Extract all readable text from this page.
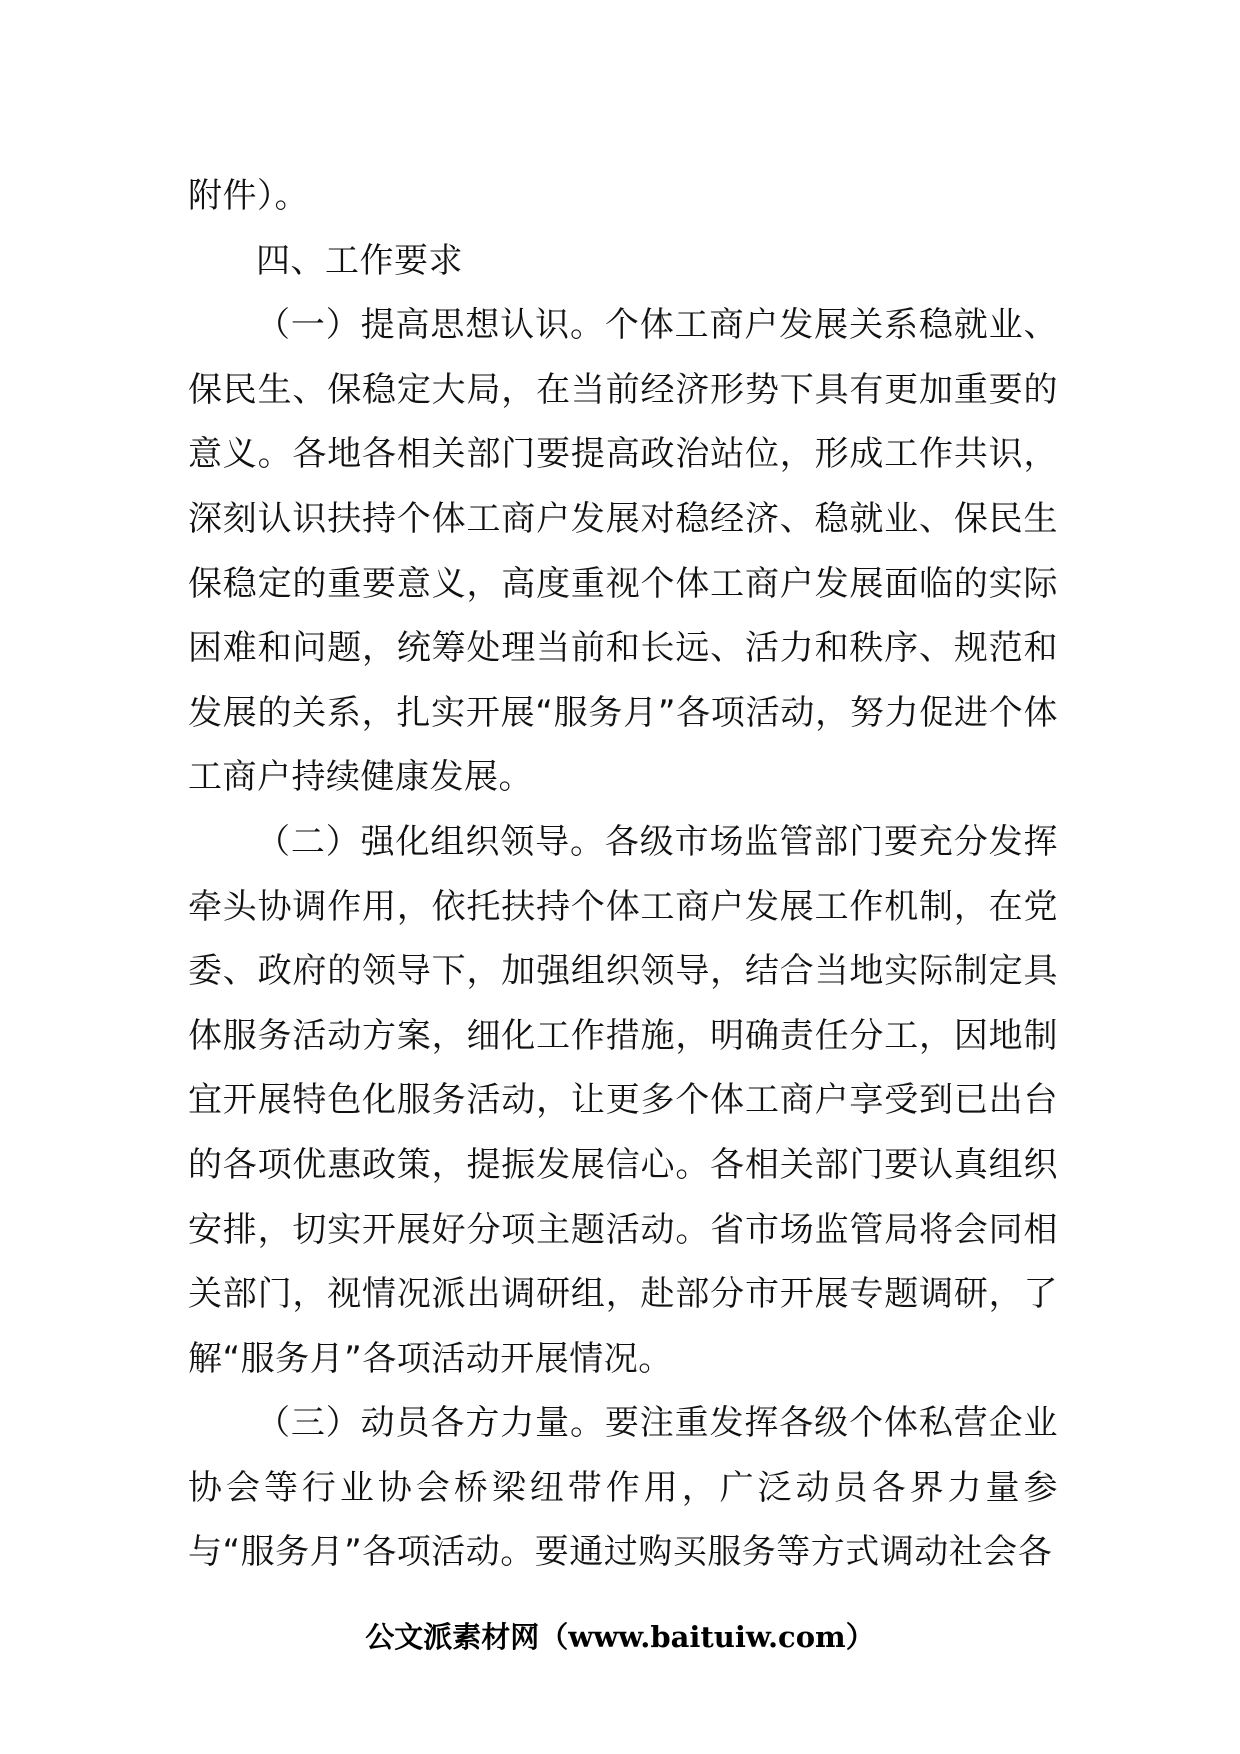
附件）。

四、工作要求

（一）提高思想认识。个体工商户发展关系稳就业、保民生、保稳定大局，在当前经济形势下具有更加重要的意义。各地各相关部门要提高政治站位，形成工作共识，深刻认识扶持个体工商户发展对稳经济、稳就业、保民生保稳定的重要意义，高度重视个体工商户发展面临的实际困难和问题，统筹处理当前和长远、活力和秩序、规范和发展的关系，扎实开展“服务月”各项活动，努力促进个体工商户持续健康发展。

（二）强化组织领导。各级市场监管部门要充分发挥牵头协调作用，依托扶持个体工商户发展工作机制，在党委、政府的领导下，加强组织领导，结合当地实际制定具体服务活动方案，细化工作措施，明确责任分工，因地制宜开展特色化服务活动，让更多个体工商户享受到已出台的各项优惠政策，提振发展信心。各相关部门要认真组织安排，切实开展好分项主题活动。省市场监管局将会同相关部门，视情况派出调研组，赴部分市开展专题调研，了解“服务月”各项活动开展情况。

（三）动员各方力量。要注重发挥各级个体私营企业协会等行业协会桥梁纽带作用，广泛动员各界力量参与“服务月”各项活动。要通过购买服务等方式调动社会各

公文派素材网（www.baituiw.com）
